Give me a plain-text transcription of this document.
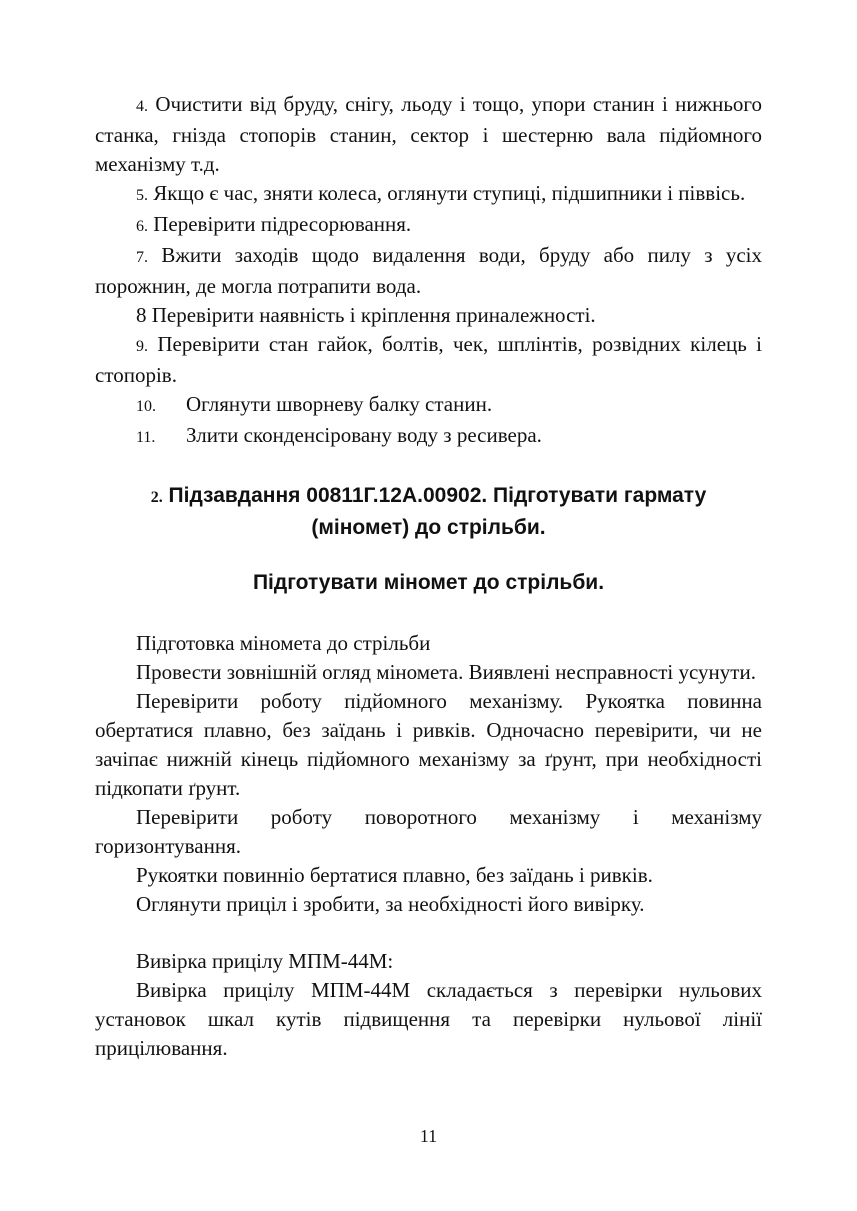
4. Очистити від бруду, снігу, льоду і тощо, упори станин і нижнього станка, гнізда стопорів станин, сектор і шестерню вала підйомного механізму т.д.

5. Якщо є час, зняти колеса, оглянути ступиці, підшипники і піввісь.

6. Перевірити підресорювання.

7. Вжити заходів щодо видалення води, бруду або пилу з усіх порожнин, де могла потрапити вода.

8 Перевірити наявність і кріплення приналежності.

9. Перевірити стан гайок, болтів, чек, шплінтів, розвідних кілець і стопорів.

10. Оглянути шворневу балку станин.

11. Злити сконденсіровану воду з ресивера.

2. Підзавдання 00811Г.12А.00902. Підготувати гармату

(міномет) до стрільби.

Підготувати міномет до стрільби.

Підготовка міномета до стрільби

Провести зовнішній огляд міномета. Виявлені несправності усунути.

Перевірити роботу підйомного механізму. Рукоятка повинна обертатися плавно, без заїдань і ривків. Одночасно перевірити, чи не зачіпає нижній кінець підйомного механізму за ґрунт, при необхідності підкопати ґрунт.

Перевірити роботу поворотного механізму і механізму горизонтування.

Рукоятки повинніо бертатися плавно, без заїдань і ривків.

Оглянути приціл і зробити, за необхідності його вивірку.

Вивірка прицілу МПМ-44М:

Вивірка прицілу МПМ-44М складається з перевірки нульових установок шкал кутів підвищення та перевірки нульової лінії прицілювання.

11
